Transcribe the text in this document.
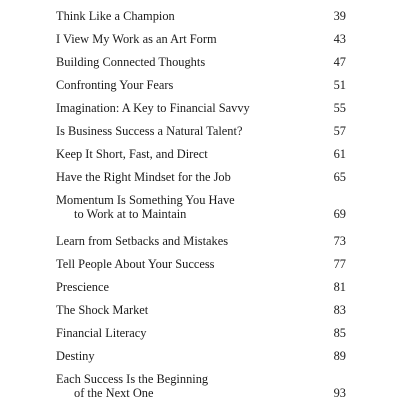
Think Like a Champion	39
I View My Work as an Art Form	43
Building Connected Thoughts	47
Confronting Your Fears	51
Imagination: A Key to Financial Savvy	55
Is Business Success a Natural Talent?	57
Keep It Short, Fast, and Direct	61
Have the Right Mindset for the Job	65
Momentum Is Something You Have
to Work at to Maintain	69
Learn from Setbacks and Mistakes	73
Tell People About Your Success	77
Prescience	81
The Shock Market	83
Financial Literacy	85
Destiny	89
Each Success Is the Beginning
of the Next One	93
